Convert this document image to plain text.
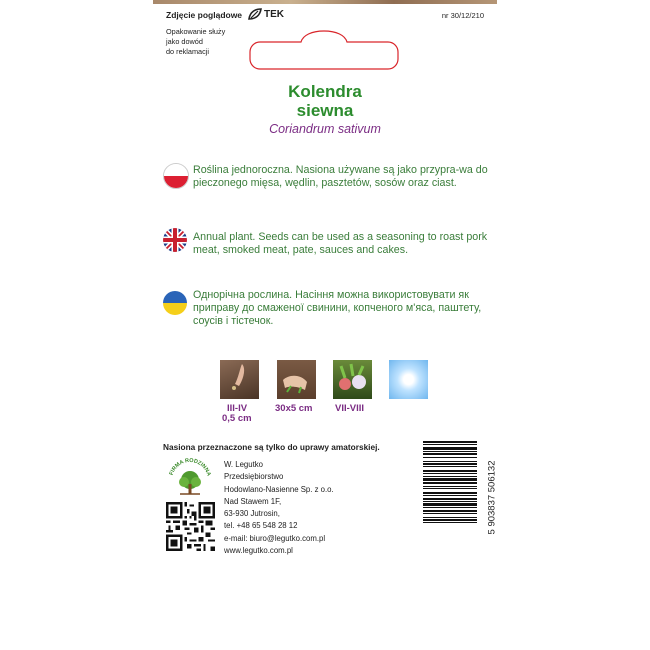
Zdjęcie poglądowe TEK	nr 30/12/210
Opakowanie służy
jako dowód
do reklamacji
Kolendra
siewna
Coriandrum sativum
Roślina jednoroczna. Nasiona używane są jako przypra-wa do pieczonego mięsa, wędlin, pasztetów, sosów oraz ciast.
Annual plant. Seeds can be used as a seasoning to roast pork meat, smoked meat, pate, sauces and cakes.
Однорічна рослина. Насіння можна використовувати як приправу до смаженої свинини, копченого м'яса, паштету, соусів і тістечок.
III-IV
0,5 cm
30x5 cm VII-VIII
Nasiona przeznaczone są tylko do uprawy amatorskiej.
FIRMA RODZINNA
W. Legutko
Przedsiębiorstwo
Hodowlano-Nasienne Sp. z o.o.
Nad Stawem 1F,
63-930 Jutrosin,
tel. +48 65 548 28 12
e-mail: biuro@legutko.com.pl
www.legutko.com.pl
5 903837 506132
